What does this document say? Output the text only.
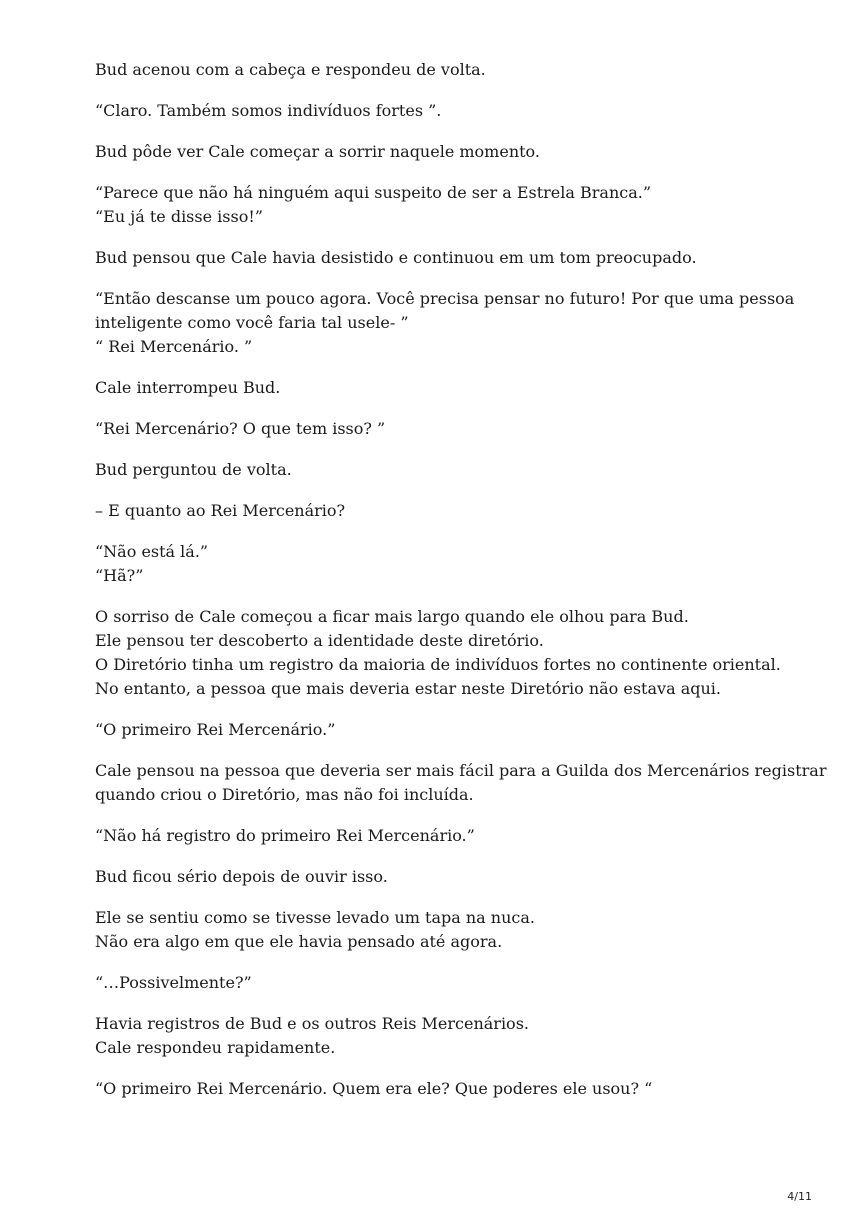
Bud acenou com a cabeça e respondeu de volta.

“Claro. Também somos indivíduos fortes ”.

Bud pôde ver Cale começar a sorrir naquele momento.

“Parece que não há ninguém aqui suspeito de ser a Estrela Branca.”
“Eu já te disse isso!”

Bud pensou que Cale havia desistido e continuou em um tom preocupado.

“Então descanse um pouco agora. Você precisa pensar no futuro! Por que uma pessoa
inteligente como você faria tal usele- ”
“ Rei Mercenário. ”

Cale interrompeu Bud.

“Rei Mercenário? O que tem isso? ”

Bud perguntou de volta.

– E quanto ao Rei Mercenário?

“Não está lá.”
“Hã?”

O sorriso de Cale começou a ficar mais largo quando ele olhou para Bud.
Ele pensou ter descoberto a identidade deste diretório.
O Diretório tinha um registro da maioria de indivíduos fortes no continente oriental.
No entanto, a pessoa que mais deveria estar neste Diretório não estava aqui.

“O primeiro Rei Mercenário.”

Cale pensou na pessoa que deveria ser mais fácil para a Guilda dos Mercenários registrar
quando criou o Diretório, mas não foi incluída.

“Não há registro do primeiro Rei Mercenário.”

Bud ficou sério depois de ouvir isso.

Ele se sentiu como se tivesse levado um tapa na nuca.
Não era algo em que ele havia pensado até agora.

“…Possivelmente?”

Havia registros de Bud e os outros Reis Mercenários.
Cale respondeu rapidamente.

“O primeiro Rei Mercenário. Quem era ele? Que poderes ele usou? “

4/11
